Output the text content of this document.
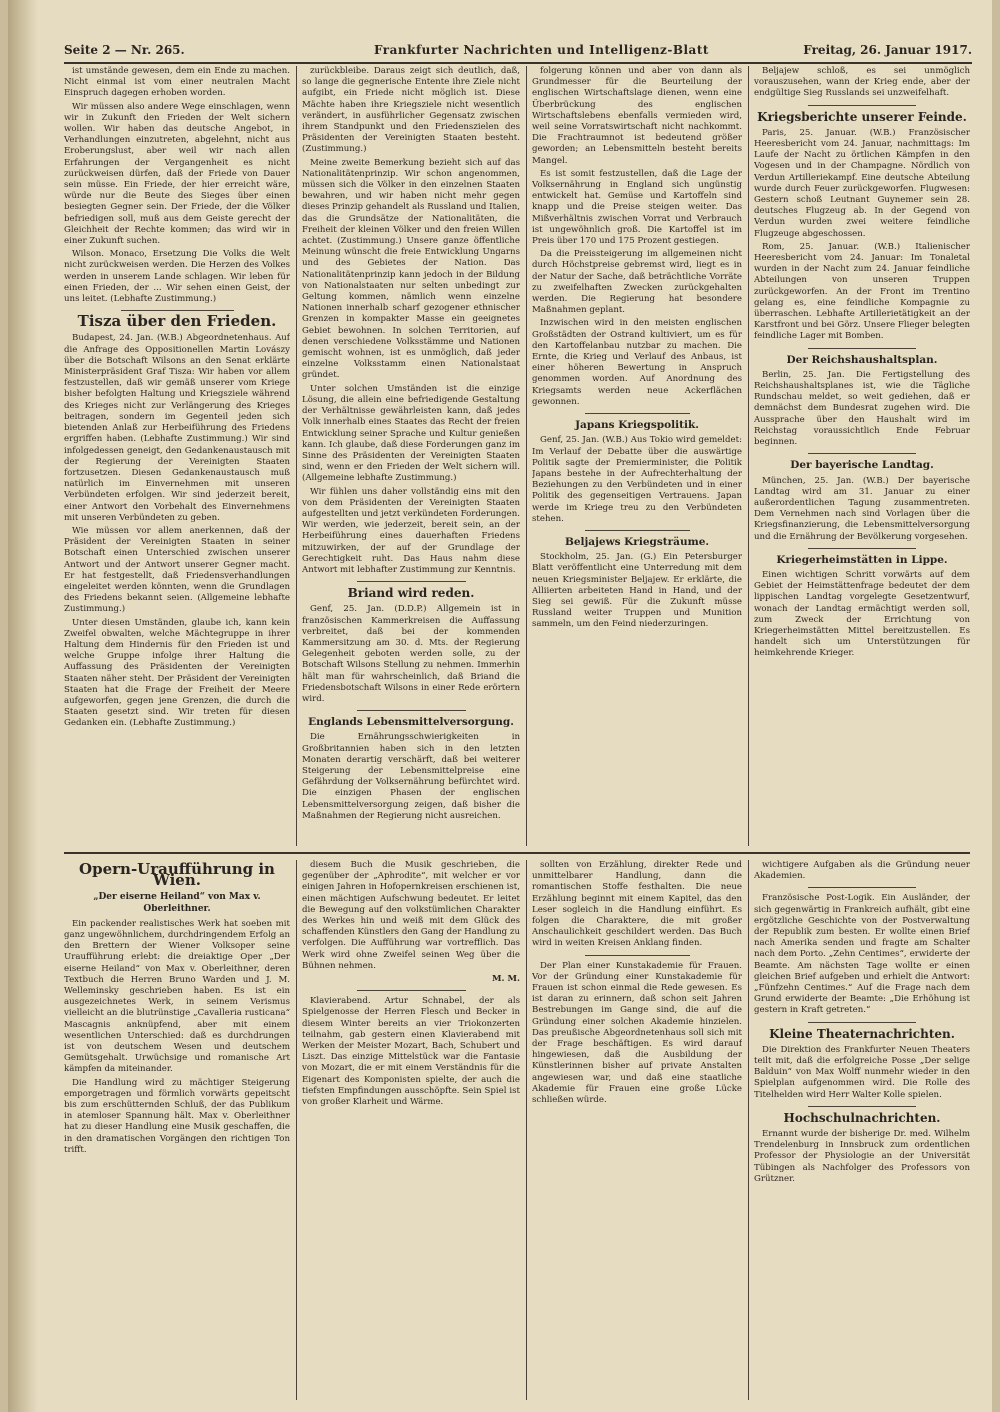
Seite 2 — Nr. 265.	Frankfurter Nachrichten und Intelligenz-Blatt	Freitag, 26. Januar 1917.

ist umstände gewesen, dem ein Ende zu machen. Nicht einmal ist vom einer neutralen Macht Einspruch dagegen erhoben worden.

Wir müssen also andere Wege einschlagen, wenn wir in Zukunft den Frieden der Welt sichern wollen. Wir haben das deutsche Angebot, in Verhandlungen einzutreten, abgelehnt, nicht aus Eroberungslust, aber weil wir nach allen Erfahrungen der Vergangenheit es nicht zurückweisen dürfen, daß der Friede von Dauer sein müsse. Ein Friede, der hier erreicht wäre, würde nur die Beute des Sieges über einen besiegten Gegner sein. Der Friede, der die Völker befriedigen soll, muß aus dem Geiste gerecht der Gleichheit der Rechte kommen; das wird wir in einer Zukunft suchen.

Wilson. Monaco, Ersetzung Die Volks die Welt nicht zurückweisen werden. Die Herzen des Volkes werden in unserem Lande schlagen. Wir leben für einen Frieden, der ... Wir sehen einen Geist, der uns leitet. (Lebhafte Zustimmung.)

Tisza über den Frieden.

Budapest, 24. Jan. (W.B.) Abgeordnetenhaus. Auf die Anfrage des Oppositionellen Martin Lovászy über die Botschaft Wilsons an den Senat erklärte Ministerpräsident Graf Tisza: Wir haben vor allem festzustellen, daß wir gemäß unserer vom Kriege bisher befolgten Haltung und Kriegsziele während des Krieges nicht zur Verlängerung des Krieges beitragen, sondern im Gegenteil jeden sich bietenden Anlaß zur Herbeiführung des Friedens ergriffen haben. (Lebhafte Zustimmung.) Wir sind infolgedessen geneigt, den Gedankenaustausch mit der Regierung der Vereinigten Staaten fortzusetzen. Diesen Gedankenaustausch muß natürlich im Einvernehmen mit unseren Verbündeten erfolgen. Wir sind jederzeit bereit, einer Antwort den Vorbehalt des Einvernehmens mit unseren Verbündeten zu geben.

Wie müssen vor allem anerkennen, daß der Präsident der Vereinigten Staaten in seiner Botschaft einen Unterschied zwischen unserer Antwort und der Antwort unserer Gegner macht. Er hat festgestellt, daß Friedensverhandlungen eingeleitet werden könnten, wenn die Grundlagen des Friedens bekannt seien. (Allgemeine lebhafte Zustimmung.)

Unter diesen Umständen, glaube ich, kann kein Zweifel obwalten, welche Mächtegruppe in ihrer Haltung dem Hindernis für den Frieden ist und welche Gruppe infolge ihrer Haltung die Auffassung des Präsidenten der Vereinigten Staaten näher steht. Der Präsident der Vereinigten Staaten hat die Frage der Freiheit der Meere aufgeworfen, gegen jene Grenzen, die durch die Staaten gesetzt sind. Wir treten für diesen Gedanken ein. (Lebhafte Zustimmung.)

zurückbleibe. Daraus zeigt sich deutlich, daß, so lange die gegnerische Entente ihre Ziele nicht aufgibt, ein Friede nicht möglich ist. Diese Mächte haben ihre Kriegsziele nicht wesentlich verändert, in ausführlicher Gegensatz zwischen ihrem Standpunkt und den Friedenszielen des Präsidenten der Vereinigten Staaten besteht. (Zustimmung.)

Meine zweite Bemerkung bezieht sich auf das Nationalitätenprinzip. Wir schon angenommen, müssen sich die Völker in den einzelnen Staaten bewahren, und wir haben nicht mehr gegen dieses Prinzip gehandelt als Russland und Italien, das die Grundsätze der Nationalitäten, die Freiheit der kleinen Völker und den freien Willen achtet. (Zustimmung.) Unsere ganze öffentliche Meinung wünscht die freie Entwicklung Ungarns und des Gebietes der Nation. Das Nationalitätenprinzip kann jedoch in der Bildung von Nationalstaaten nur selten unbedingt zur Geltung kommen, nämlich wenn einzelne Nationen innerhalb scharf gezogener ethnischer Grenzen in kompakter Masse ein geeignetes Gebiet bewohnen. In solchen Territorien, auf denen verschiedene Volksstämme und Nationen gemischt wohnen, ist es unmöglich, daß jeder einzelne Volksstamm einen Nationalstaat gründet.

Unter solchen Umständen ist die einzige Lösung, die allein eine befriedigende Gestaltung der Verhältnisse gewährleisten kann, daß jedes Volk innerhalb eines Staates das Recht der freien Entwicklung seiner Sprache und Kultur genießen kann. Ich glaube, daß diese Forderungen ganz im Sinne des Präsidenten der Vereinigten Staaten sind, wenn er den Frieden der Welt sichern will. (Allgemeine lebhafte Zustimmung.)

Wir fühlen uns daher vollständig eins mit den von dem Präsidenten der Vereinigten Staaten aufgestellten und jetzt verkündeten Forderungen. Wir werden, wie jederzeit, bereit sein, an der Herbeiführung eines dauerhaften Friedens mitzuwirken, der auf der Grundlage der Gerechtigkeit ruht. Das Haus nahm diese Antwort mit lebhafter Zustimmung zur Kenntnis.

Briand wird reden.

Genf, 25. Jan. (D.D.P.) Allgemein ist in französischen Kammerkreisen die Auffassung verbreitet, daß bei der kommenden Kammersitzung am 30. d. Mts. der Regierung Gelegenheit geboten werden solle, zu der Botschaft Wilsons Stellung zu nehmen. Immerhin hält man für wahrscheinlich, daß Briand die Friedensbotschaft Wilsons in einer Rede erörtern wird.

Englands Lebensmittelversorgung.

Die Ernährungsschwierigkeiten in Großbritannien haben sich in den letzten Monaten derartig verschärft, daß bei weiterer Steigerung der Lebensmittelpreise eine Gefährdung der Volksernährung befürchtet wird. Die einzigen Phasen der englischen Lebensmittelversorgung zeigen, daß bisher die Maßnahmen der Regierung nicht ausreichen.

folgerung können und aber von dann als Grundmesser für die Beurteilung der englischen Wirtschaftslage dienen, wenn eine Überbrückung des englischen Wirtschaftslebens ebenfalls vermieden wird, weil seine Vorratswirtschaft nicht nachkommt. Die Frachtraumnot ist bedeutend größer geworden; an Lebensmitteln besteht bereits Mangel.

Es ist somit festzustellen, daß die Lage der Volksernährung in England sich ungünstig entwickelt hat. Gemüse und Kartoffeln sind knapp und die Preise steigen weiter. Das Mißverhältnis zwischen Vorrat und Verbrauch ist ungewöhnlich groß. Die Kartoffel ist im Preis über 170 und 175 Prozent gestiegen.

Da die Preissteigerung im allgemeinen nicht durch Höchstpreise gebremst wird, liegt es in der Natur der Sache, daß beträchtliche Vorräte zu zweifelhaften Zwecken zurückgehalten werden. Die Regierung hat besondere Maßnahmen geplant.

Inzwischen wird in den meisten englischen Großstädten der Ostrand kultiviert, um es für den Kartoffelanbau nutzbar zu machen. Die Ernte, die Krieg und Verlauf des Anbaus, ist einer höheren Bewertung in Anspruch genommen worden. Auf Anordnung des Kriegsamts werden neue Ackerflächen gewonnen.

Japans Kriegspolitik.

Genf, 25. Jan. (W.B.) Aus Tokio wird gemeldet: Im Verlauf der Debatte über die auswärtige Politik sagte der Premierminister, die Politik Japans bestehe in der Aufrechterhaltung der Beziehungen zu den Verbündeten und in einer Politik des gegenseitigen Vertrauens. Japan werde im Kriege treu zu den Verbündeten stehen.

Beljajews Kriegsträume.

Stockholm, 25. Jan. (G.) Ein Petersburger Blatt veröffentlicht eine Unterredung mit dem neuen Kriegsminister Beljajew. Er erklärte, die Alliierten arbeiteten Hand in Hand, und der Sieg sei gewiß. Für die Zukunft müsse Russland weiter Truppen und Munition sammeln, um den Feind niederzuringen.

Beljajew schloß, es sei unmöglich vorauszusehen, wann der Krieg ende, aber der endgültige Sieg Russlands sei unzweifelhaft.

Kriegsberichte unserer Feinde.

Paris, 25. Januar. (W.B.) Französischer Heeresbericht vom 24. Januar, nachmittags: Im Laufe der Nacht zu örtlichen Kämpfen in den Vogesen und in der Champagne. Nördlich von Verdun Artilleriekampf. Eine deutsche Abteilung wurde durch Feuer zurückgeworfen. Flugwesen: Gestern schoß Leutnant Guynemer sein 28. deutsches Flugzeug ab. In der Gegend von Verdun wurden zwei weitere feindliche Flugzeuge abgeschossen.

Rom, 25. Januar. (W.B.) Italienischer Heeresbericht vom 24. Januar: Im Tonaletal wurden in der Nacht zum 24. Januar feindliche Abteilungen von unseren Truppen zurückgeworfen. An der Front im Trentino gelang es, eine feindliche Kompagnie zu überraschen. Lebhafte Artillerietätigkeit an der Karstfront und bei Görz. Unsere Flieger belegten feindliche Lager mit Bomben.

Der Reichshaushaltsplan.

Berlin, 25. Jan. Die Fertigstellung des Reichshaushaltsplanes ist, wie die Tägliche Rundschau meldet, so weit gediehen, daß er demnächst dem Bundesrat zugehen wird. Die Aussprache über den Haushalt wird im Reichstag voraussichtlich Ende Februar beginnen.

Der bayerische Landtag.

München, 25. Jan. (W.B.) Der bayerische Landtag wird am 31. Januar zu einer außerordentlichen Tagung zusammentreten. Dem Vernehmen nach sind Vorlagen über die Kriegsfinanzierung, die Lebensmittelversorgung und die Ernährung der Bevölkerung vorgesehen.

Kriegerheimstätten in Lippe.

Einen wichtigen Schritt vorwärts auf dem Gebiet der Heimstättenfrage bedeutet der dem lippischen Landtag vorgelegte Gesetzentwurf, wonach der Landtag ermächtigt werden soll, zum Zweck der Errichtung von Kriegerheimstätten Mittel bereitzustellen. Es handelt sich um Unterstützungen für heimkehrende Krieger.

Opern-Uraufführung in Wien.
„Der eiserne Heiland“ von Max v. Oberleithner.

Ein packender realistisches Werk hat soeben mit ganz ungewöhnlichem, durchdringendem Erfolg an den Brettern der Wiener Volksoper seine Uraufführung erlebt: die dreiaktige Oper „Der eiserne Heiland“ von Max v. Oberleithner, deren Textbuch die Herren Bruno Warden und J. M. Welleminsky geschrieben haben. Es ist ein ausgezeichnetes Werk, in seinem Verismus vielleicht an die blutrünstige „Cavalleria rusticana“ Mascagnis anknüpfend, aber mit einem wesentlichen Unterschied: daß es durchdrungen ist von deutschem Wesen und deutschem Gemütsgehalt. Urwüchsige und romanische Art kämpfen da miteinander.

Die Handlung wird zu mächtiger Steigerung emporgetragen und förmlich vorwärts gepeitscht bis zum erschütternden Schluß, der das Publikum in atemloser Spannung hält. Max v. Oberleithner hat zu dieser Handlung eine Musik geschaffen, die in den dramatischen Vorgängen den richtigen Ton trifft.

diesem Buch die Musik geschrieben, die gegenüber der „Aphrodite“, mit welcher er vor einigen Jahren in Hofopernkreisen erschienen ist, einen mächtigen Aufschwung bedeutet. Er leitet die Bewegung auf den volkstümlichen Charakter des Werkes hin und weiß mit dem Glück des schaffenden Künstlers den Gang der Handlung zu verfolgen. Die Aufführung war vortrefflich. Das Werk wird ohne Zweifel seinen Weg über die Bühnen nehmen.

M. M.

Klavierabend. Artur Schnabel, der als Spielgenosse der Herren Flesch und Becker in diesem Winter bereits an vier Triokonzerten teilnahm, gab gestern einen Klavierabend mit Werken der Meister Mozart, Bach, Schubert und Liszt. Das einzige Mittelstück war die Fantasie von Mozart, die er mit einem Verständnis für die Eigenart des Komponisten spielte, der auch die tiefsten Empfindungen ausschöpfte. Sein Spiel ist von großer Klarheit und Wärme.

sollten von Erzählung, direkter Rede und unmittelbarer Handlung, dann die romantischen Stoffe festhalten. Die neue Erzählung beginnt mit einem Kapitel, das den Leser sogleich in die Handlung einführt. Es folgen die Charaktere, die mit großer Anschaulichkeit geschildert werden. Das Buch wird in weiten Kreisen Anklang finden.

Der Plan einer Kunstakademie für Frauen. Vor der Gründung einer Kunstakademie für Frauen ist schon einmal die Rede gewesen. Es ist daran zu erinnern, daß schon seit Jahren Bestrebungen im Gange sind, die auf die Gründung einer solchen Akademie hinzielen. Das preußische Abgeordnetenhaus soll sich mit der Frage beschäftigen. Es wird darauf hingewiesen, daß die Ausbildung der Künstlerinnen bisher auf private Anstalten angewiesen war, und daß eine staatliche Akademie für Frauen eine große Lücke schließen würde.

wichtigere Aufgaben als die Gründung neuer Akademien.

Französische Post-Logik. Ein Ausländer, der sich gegenwärtig in Frankreich aufhält, gibt eine ergötzliche Geschichte von der Postverwaltung der Republik zum besten. Er wollte einen Brief nach Amerika senden und fragte am Schalter nach dem Porto. „Zehn Centimes“, erwiderte der Beamte. Am nächsten Tage wollte er einen gleichen Brief aufgeben und erhielt die Antwort: „Fünfzehn Centimes.“ Auf die Frage nach dem Grund erwiderte der Beamte: „Die Erhöhung ist gestern in Kraft getreten.“

Kleine Theaternachrichten.

Die Direktion des Frankfurter Neuen Theaters teilt mit, daß die erfolgreiche Posse „Der selige Balduin“ von Max Wolff nunmehr wieder in den Spielplan aufgenommen wird. Die Rolle des Titelhelden wird Herr Walter Kolle spielen.

Hochschulnachrichten.

Ernannt wurde der bisherige Dr. med. Wilhelm Trendelenburg in Innsbruck zum ordentlichen Professor der Physiologie an der Universität Tübingen als Nachfolger des Professors von Grützner.
